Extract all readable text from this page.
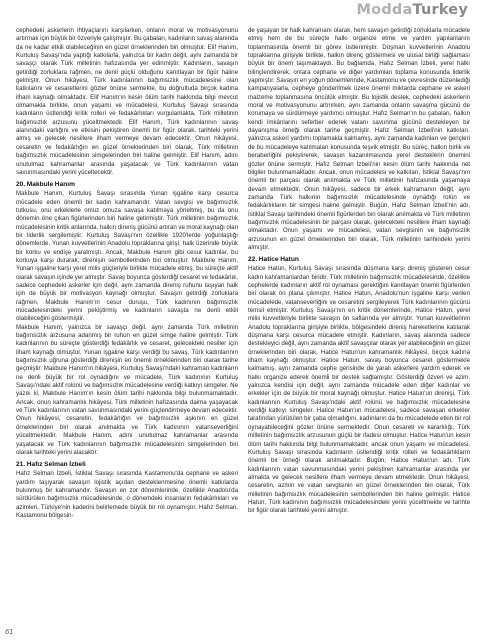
ModdaTurkey

cephedeki askerlerin ihtiyaçlarını karşılarken, onların moral ve motivasyonunu artırmak için büyük bir özveriyle çalışmıştır. Bu çabaları, kadınların savaş alanında da ne kadar etkili olabileceğinin en güzel örneklerinden biri olmuştur. Elif Hanım, Kurtuluş Savaşı'nda yaptığı katkılarla, yalnızca bir kadın değil, aynı zamanda bir savaşçı olarak Türk milletinin hafızasında yer edinmiştir. Kadınların, savaşın getirdiği zorluklara rağmen, ne denli güçlü olduğunu kanıtlayan bir figür haline gelmiştir. Onun hikâyesi, Türk kadınlarının bağımsızlık mücadelesine olan katkılarını ve cesaretlerini gözler önüne sermekte, bu doğrultuda birçok kadına ilham kaynağı olmaktadır. Elif Hanım'ın kesin ölüm tarihi hakkında bilgi mevcut olmamakla birlikte, onun yaşamı ve mücadelesi, Kurtuluş Savaşı sırasında kadınların üstlendiği kritik rolleri ve fedakârlıkları vurgulamakta, Türk milletinin bağımsızlık arzusunu yüceltmektedir. Elif Hanım, Türk kadınlarının savaş alanındaki varlığını ve etkisini pekiştiren önemli bir figür olarak, tarihteki yerini almış ve gelecek nesillere ilham vermeye devam edecektir. Onun hikâyesi, cesaretin ve fedakârlığın en güzel örneklerinden biri olarak, Türk milletinin bağımsızlık mücadelesinin simgelerinden biri haline gelmiştir. Elif Hanım, adını unutulmaz kahramanlar arasında yaşatacak ve Türk kadınlarının vatan savunmasındaki yerini yüceltecektir.

20. Makbule Hanım

Makbule Hanım, Kurtuluş Savaşı sırasında Yunan işgaline karşı cesurca mücadele eden önemli bir kadın kahramandır. Vatan sevgisi ve bağımsızlık tutkusu, onu erkeklerle omuz omuza savaşa katılmaya yöneltmiş, bu da onu dönemin öne çıkan figürlerinden biri haline getirmiştir. Türk milletinin bağımsızlık mücadelesinin kritik anlarında, halkın direniş gücünü artıran ve moral kaynağı olan bir liderlik sergilemiştir. Kurtuluş Savaşı'nın özellikle 1920'lerde yoğunlaştığı dönemlerde, Yunan kuvvetlerinin Anadolu topraklarına girişi, halk üzerinde büyük bir korku ve endişe yaratmıştı. Ancak, Makbule Hanım gibi cesur kadınlar, bu korkuya karşı durarak, direnişin sembollerinden biri olmuştur. Makbule Hanım, Yunan işgaline karşı yerel milis güçleriyle birlikte mücadele etmiş, bu süreçte aktif olarak savaşın içinde yer almıştır. Savaş boyunca gösterdiği cesaret ve fedakârlık, sadece cephedeki askerler için değil, aynı zamanda direniş ruhunu taşıyan halk için de büyük bir motivasyon kaynağı olmuştur. Savaşın getirdiği zorluklara rağmen, Makbule Hanım'ın cesur duruşu, Türk kadınının bağımsızlık mücadelesindeki yerini pekiştirmiş ve kadınların savaşta ne denli etkili olabileceğini göstermiştir.

Makbule Hanım, yalnızca bir savaşçı değil, aynı zamanda Türk milletinin bağımsızlık arzusuna adanmış bir ruhun en güzel simge haline gelmiştir. Türk kadınlarının bu süreçte gösterdiği fedakârlık ve cesaret, gelecekteki nesiller için ilham kaynağı olmuştur. Yunan işgaline karşı verdiği bu savaş, Türk kadınlarının bağımsızlık uğruna gösterdiği direnişin en önemli örneklerinden biri olarak tarihe geçmiştir. Makbule Hanım'ın hikâyesi, Kurtuluş Savaşı'ndaki kahraman kadınların ne denli büyük bir rol oynadığını ve mücadele, Türk kadınının Kurtuluş Savaşı'ndaki aktif rolünü ve bağımsızlık mücadelesine verdiği katkıyı simgeler. Ne yazık ki, Makbule Hanım'ın kesin ölüm tarihi hakkında bilgi bulunmamaktadır. Ancak, onun kahramanlık hikâyesi, Türk milletinin hafızasında daima yaşayacak ve Türk kadınlarının vatan savunmasındaki yerini güçlendirmeye devam edecektir. Onun hikâyesi, cesaretin, fedakârlığın ve bağımsızlık aşkının en güzel örneklerinden biri olarak anılmakta ve Türk kadınının vatanseverliğini yüceltmektedir. Makbule Hanım, adını unutulmaz kahramanlar arasında yaşatacak ve Türk kadınlarının bağımsızlık mücadelesinin simgelerinden biri olarak tarihteki yerini alacaktır.

21. Hafız Selman İzbeli

Hafız Selman İzbeli, İstiklal Savaşı sırasında Kastamonu'da cephane ve askeri yardım taşıyarak savaşın lojistik açıdan desteklenmesine önemli katkılarda bulunmuş bir kahramandır. Savaşın en zor dönemlerinde, özellikle Anadolu'da sürdürülen bağımsızlık mücadelesinde, o dönemdeki insanların fedakârlıkları ve azimleri, Türkiye'nin kaderini belirlemede büyük bir rol oynamıştır. Hafız Selman, Kastamonu bölgesin-

de yaşayan bir halk kahramanı olarak, hem savaşın getirdiği zorluklarla mücadele etmiş hem de bu süreçte halkı organize etme ve yardım yapılanlarını toplanmasında önemli bir görev üstlenmiştir. Düşman kuvvetlerinin Anadolu topraklarına girişiyle birlikte, halkın direnç göstermesi ve ulusal birliği sağlaması büyük bir önem taşımaktaydı. Bu bağlamda, Hafız Selman İzbeli, yerel halkı bilinçlendirerek, onlara cephane ve diğer yardımları toplama konusunda liderlik yapmıştır. Savaşın en yoğun dönemlerinde, Kastamonu ve çevresinde düzenlediği kampanyalarla, cepheye gönderilmek üzere önemli miktarda cephane ve askeri malzeme toplanmasına öncülük etmiştir. Bu lojistik destek, cephedeki askerlerin moral ve motivasyonunu artırırken, aynı zamanda onların savaşma gücünü de korumaya ve sürdürmeye yardımcı olmuştur. Hafız Selman'ın bu çabaları, halkın kendi imkânlarını seferber ederek vatanı savunma gücünü destekleyen bir dayanışma örneği olarak tarihe geçmiştir. Hafız Selman İzbeli'nin katkıları, yalnızca askeri yardımı toplamakla kalmamış, aynı zamanda kadınları ve gençleri de bu mücadeleye katılmaları konusunda teşvik etmiştir. Bu süreç, halkın birlik ve beraberliğini pekiştirerek, savaşın kazanılmasında yerel desteklerin önemini gözler önüne sermiştir. Hafız Selman İzbeli'nin kesin ölüm tarihi hakkında net bilgiler bulunmamaktadır. Ancak, onun mücadelesi ve katkıları, İstiklal Savaşı'nın önemli bir parçası olarak anılmakta ve Türk milletinin hafızasında yaşamaya devam etmektedir. Onun hikâyesi, sadece bir erkek kahramanın değil, aynı zamanda Türk halkının bağımsızlık mücadelesinde oynadığı rolün ve fedakârlıkların bir simgesi haline gelmiştir. Bugün, Hafız Selman İzbeli'nin adı, İstiklal Savaşı tarihindeki önemli figürlerden biri olarak anılmakta ve Türk milletinin bağımsızlık mücadelesinin bir parçası olarak, gelecekteki nesillere ilham kaynağı olmaktadır. Onun yaşamı ve mücadelesi, vatan sevgisinin ve bağımsızlık arzusunun en güzel örneklerinden biri olarak, Türk milletinin tarihindeki yerini almıştır.

22. Hatice Hatun

Hatice Hatun, Kurtuluş Savaşı sırasında düşmana karşı direniş gösteren cesur kadın kahramanlardan biridir. Türk milletinin bağımsızlık mücadelesinde, özellikle cephelerde kadınların aktif rol oynaması gerektiğini kanıtlayan önemli figürlerden biri olarak ön plana çıkmıştır. Hatice Hatun, Anadolu'nun işgaline karşı verilen mücadelede, vatanseverliğini ve cesaretini sergileyerek Türk kadınlarının gücünü temsil etmiştir. Kurtuluş Savaşı'nın en kritik dönemlerinde, Hatice Hatun, yerel milis kuvvetleriyle birlikte savaşın ön saflarında yer almıştır. Yunan kuvvetlerinin Anadolu topraklarına girişiyle birlikte, bölgesindeki direniş hareketlerine katılarak düşmana karşı cesurca mücadele etmiştir. Kadınların, savaş alanında sadece destekleyici değil, aynı zamanda aktif savaşçılar olarak yer alabileceğinin en güzel örneklerinden biri olarak, Hatice Hatun'un kahramanlık hikâyesi, birçok kadına ilham kaynağı olmuştur. Hatice Hatun, savaş boyunca cesaret göstermekle kalmamış, aynı zamanda cephe gerisinde de yaralı askerlere yardım ederek ve halkı organize ederek önemli bir destek sağlamıştır. Gösterdiği özveri ve azim, yalnızca kendisi için değil, aynı zamanda mücadele eden diğer kadınlar ve erkekler için de büyük bir moral kaynağı olmuştur. Hatice Hatun'un direnişi, Türk kadınlarının Kurtuluş Savaşı'ndaki aktif rolünü ve bağımsızlık mücadelesine verdiği katkıyı simgeler. Hatice Hatun'un mücadelesi, sadece savaşan erkekler tarafından yürütülen bir çaba olmadığını, kadınların da bu mücadelede etkin bir rol oynayabileceğini gözler önüne sermektedir. Onun cesareti ve kararlılığı, Türk milletinin bağımsızlık arzusunun güçlü bir ifadesi olmuştur. Hatice Hatun'un kesin ölüm tarihi hakkında bilgi bulunmamaktadır, ancak onun yaşamı ve mücadelesi, Kurtuluş Savaşı sırasında kadınların üstlendiği kritik rolleri ve fedakârlıkların önemli bir örneği olarak anılmaktadır. Bugün, Hatice Hatun'un adı, Türk kadınlarının vatan savunmasındaki yerini pekiştiren kahramanlar arasında yer almakta ve gelecek nesillere ilham vermeye devam etmektedir. Onun hikâyesi, cesaretin, azmin ve vatan sevgisinin en güzel örneklerinden biri olarak, Türk milletinin bağımsızlık mücadelesinin sembollerinden biri haline gelmiştir. Hatice Hatun, Türk kadınının bağımsızlık mücadelesindeki yerini yüceltmekte ve tarihte bir figür olarak tarihteki yerini almıştır.

61
